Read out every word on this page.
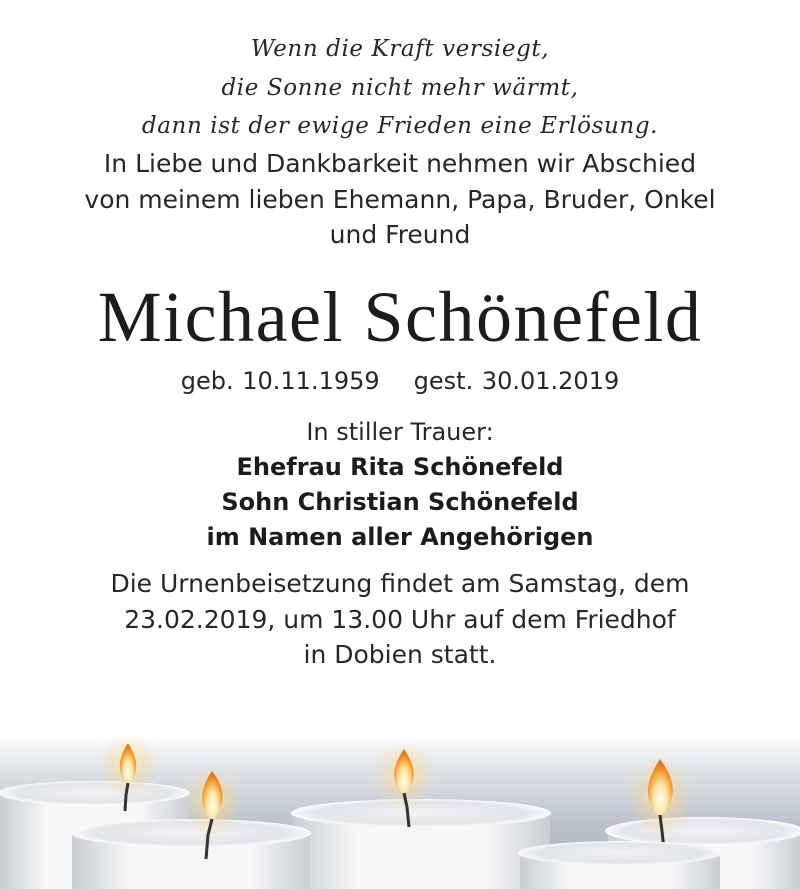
Wenn die Kraft versiegt,
die Sonne nicht mehr wärmt,
dann ist der ewige Frieden eine Erlösung.

In Liebe und Dankbarkeit nehmen wir Abschied
von meinem lieben Ehemann, Papa, Bruder, Onkel
und Freund

Michael Schönefeld

geb. 10.11.1959 gest. 30.01.2019

In stiller Trauer:
Ehefrau Rita Schönefeld
Sohn Christian Schönefeld
im Namen aller Angehörigen

Die Urnenbeisetzung findet am Samstag, dem
23.02.2019, um 13.00 Uhr auf dem Friedhof
in Dobien statt.
